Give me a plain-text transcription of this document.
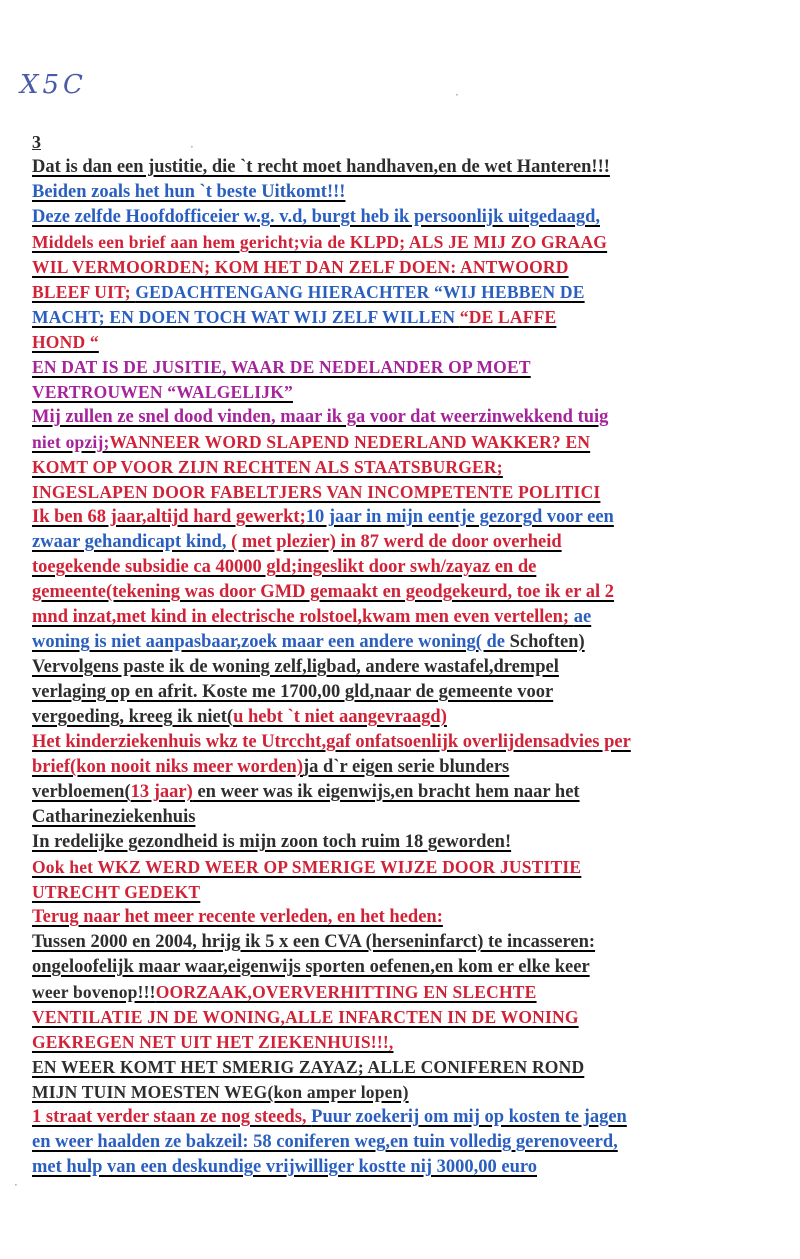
X5C	·
·
·
3
Dat is dan een justitie, die `t recht moet handhaven,en de wet Hanteren!!!
Beiden zoals het hun `t beste Uitkomt!!!
Deze zelfde Hoofdofficeier w.g. v.d, burgt heb ik persoonlijk uitgedaagd,
Middels een brief aan hem gericht;via de KLPD; ALS JE MIJ ZO GRAAG
WIL VERMOORDEN; KOM HET DAN ZELF DOEN: ANTWOORD
BLEEF UIT; GEDACHTENGANG HIERACHTER “WIJ HEBBEN DE
MACHT; EN DOEN TOCH WAT WIJ ZELF WILLEN “DE LAFFE
HOND “
EN DAT IS DE JUSITIE, WAAR DE NEDELANDER OP MOET
VERTROUWEN “WALGELIJK”
Mij zullen ze snel dood vinden, maar ik ga voor dat weerzinwekkend tuig
niet opzij;WANNEER WORD SLAPEND NEDERLAND WAKKER? EN
KOMT OP VOOR ZIJN RECHTEN ALS STAATSBURGER;
INGESLAPEN DOOR FABELTJERS VAN INCOMPETENTE POLITICI
Ik ben 68 jaar,altijd hard gewerkt;10 jaar in mijn eentje gezorgd voor een
zwaar gehandicapt kind, ( met plezier) in 87 werd de door overheid
toegekende subsidie ca 40000 gld;ingeslikt door swh/zayaz en de
gemeente(tekening was door GMD gemaakt en geodgekeurd, toe ik er al 2
mnd inzat,met kind in electrische rolstoel,kwam men even vertellen; ae
woning is niet aanpasbaar,zoek maar een andere woning( de Schoften)
Vervolgens paste ik de woning zelf,ligbad, andere wastafel,drempel
verlaging op en afrit. Koste me 1700,00 gld,naar de gemeente voor
vergoeding, kreeg ik niet(u hebt `t niet aangevraagd)
Het kinderziekenhuis wkz te Utrccht,gaf onfatsoenlijk overlijdensadvies per
brief(kon nooit niks meer worden)ja d`r eigen serie blunders
verbloemen(13 jaar) en weer was ik eigenwijs,en bracht hem naar het
Catharineziekenhuis
In redelijke gezondheid is mijn zoon toch ruim 18 geworden!
Ook het WKZ WERD WEER OP SMERIGE WIJZE DOOR JUSTITIE
UTRECHT GEDEKT
Terug naar het meer recente verleden, en het heden:
Tussen 2000 en 2004, hrijg ik 5 x een CVA (herseninfarct) te incasseren:
ongeloofelijk maar waar,eigenwijs sporten oefenen,en kom er elke keer
weer bovenop!!!OORZAAK,OVERVERHITTING EN SLECHTE
VENTILATIE JN DE WONING,ALLE INFARCTEN IN DE WONING
GEKREGEN NET UIT HET ZIEKENHUIS!!!,
EN WEER KOMT HET SMERIG ZAYAZ; ALLE CONIFEREN ROND
MIJN TUIN MOESTEN WEG(kon amper lopen)
1 straat verder staan ze nog steeds, Puur zoekerij om mij op kosten te jagen
en weer haalden ze bakzeil: 58 coniferen weg,en tuin volledig gerenoveerd,
met hulp van een deskundige vrijwilliger kostte nij 3000,00 euro
